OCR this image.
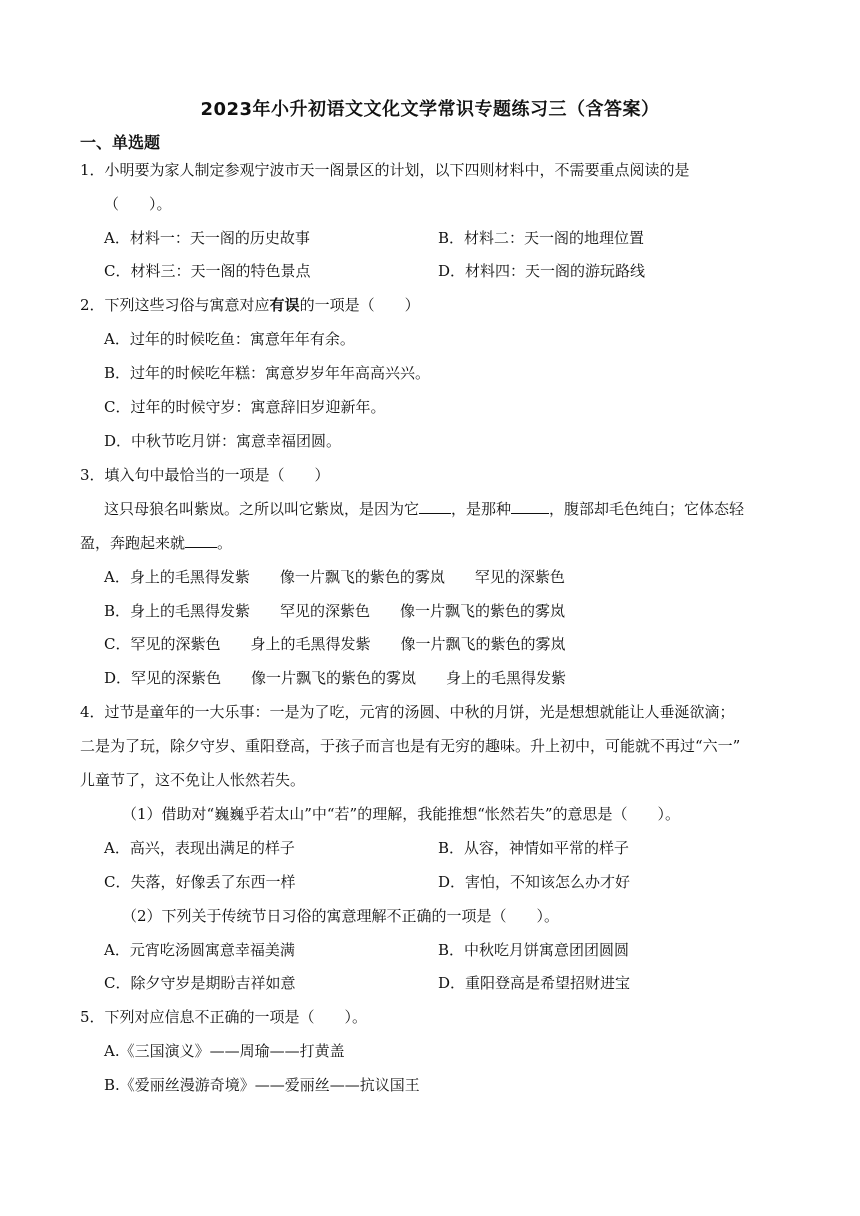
2023年小升初语文文化文学常识专题练习三（含答案）
一、单选题
1．小明要为家人制定参观宁波市天一阁景区的计划，以下四则材料中，不需要重点阅读的是
（　　）。
A．材料一：天一阁的历史故事	B．材料二：天一阁的地理位置
C．材料三：天一阁的特色景点	D．材料四：天一阁的游玩路线
2．下列这些习俗与寓意对应有误的一项是（　　）
A．过年的时候吃鱼：寓意年年有余。
B．过年的时候吃年糕：寓意岁岁年年高高兴兴。
C．过年的时候守岁：寓意辞旧岁迎新年。
D．中秋节吃月饼：寓意幸福团圆。
3．填入句中最恰当的一项是（　　）
这只母狼名叫紫岚。之所以叫它紫岚，是因为它 ，是那种	，腹部却毛色纯白；它体态轻
盈，奔跑起来就 。
A．身上的毛黑得发紫 像一片飘飞的紫色的雾岚 罕见的深紫色
B．身上的毛黑得发紫 罕见的深紫色 像一片飘飞的紫色的雾岚
C．罕见的深紫色 身上的毛黑得发紫 像一片飘飞的紫色的雾岚
D．罕见的深紫色 像一片飘飞的紫色的雾岚 身上的毛黑得发紫
4．过节是童年的一大乐事：一是为了吃，元宵的汤圆、中秋的月饼，光是想想就能让人垂涎欲滴；
二是为了玩，除夕守岁、重阳登高，于孩子而言也是有无穷的趣味。升上初中，可能就不再过“六一”
儿童节了，这不免让人怅然若失。
（1）借助对“巍巍乎若太山”中“若”的理解，我能推想“怅然若失”的意思是（　　）。
A．高兴，表现出满足的样子	B．从容，神情如平常的样子
C．失落，好像丢了东西一样	D．害怕，不知该怎么办才好
（2）下列关于传统节日习俗的寓意理解不正确的一项是（　　）。
A．元宵吃汤圆寓意幸福美满	B．中秋吃月饼寓意团团圆圆
C．除夕守岁是期盼吉祥如意	D．重阳登高是希望招财进宝
5．下列对应信息不正确的一项是（　　）。
A.《三国演义》——周瑜——打黄盖
B.《爱丽丝漫游奇境》——爱丽丝——抗议国王
